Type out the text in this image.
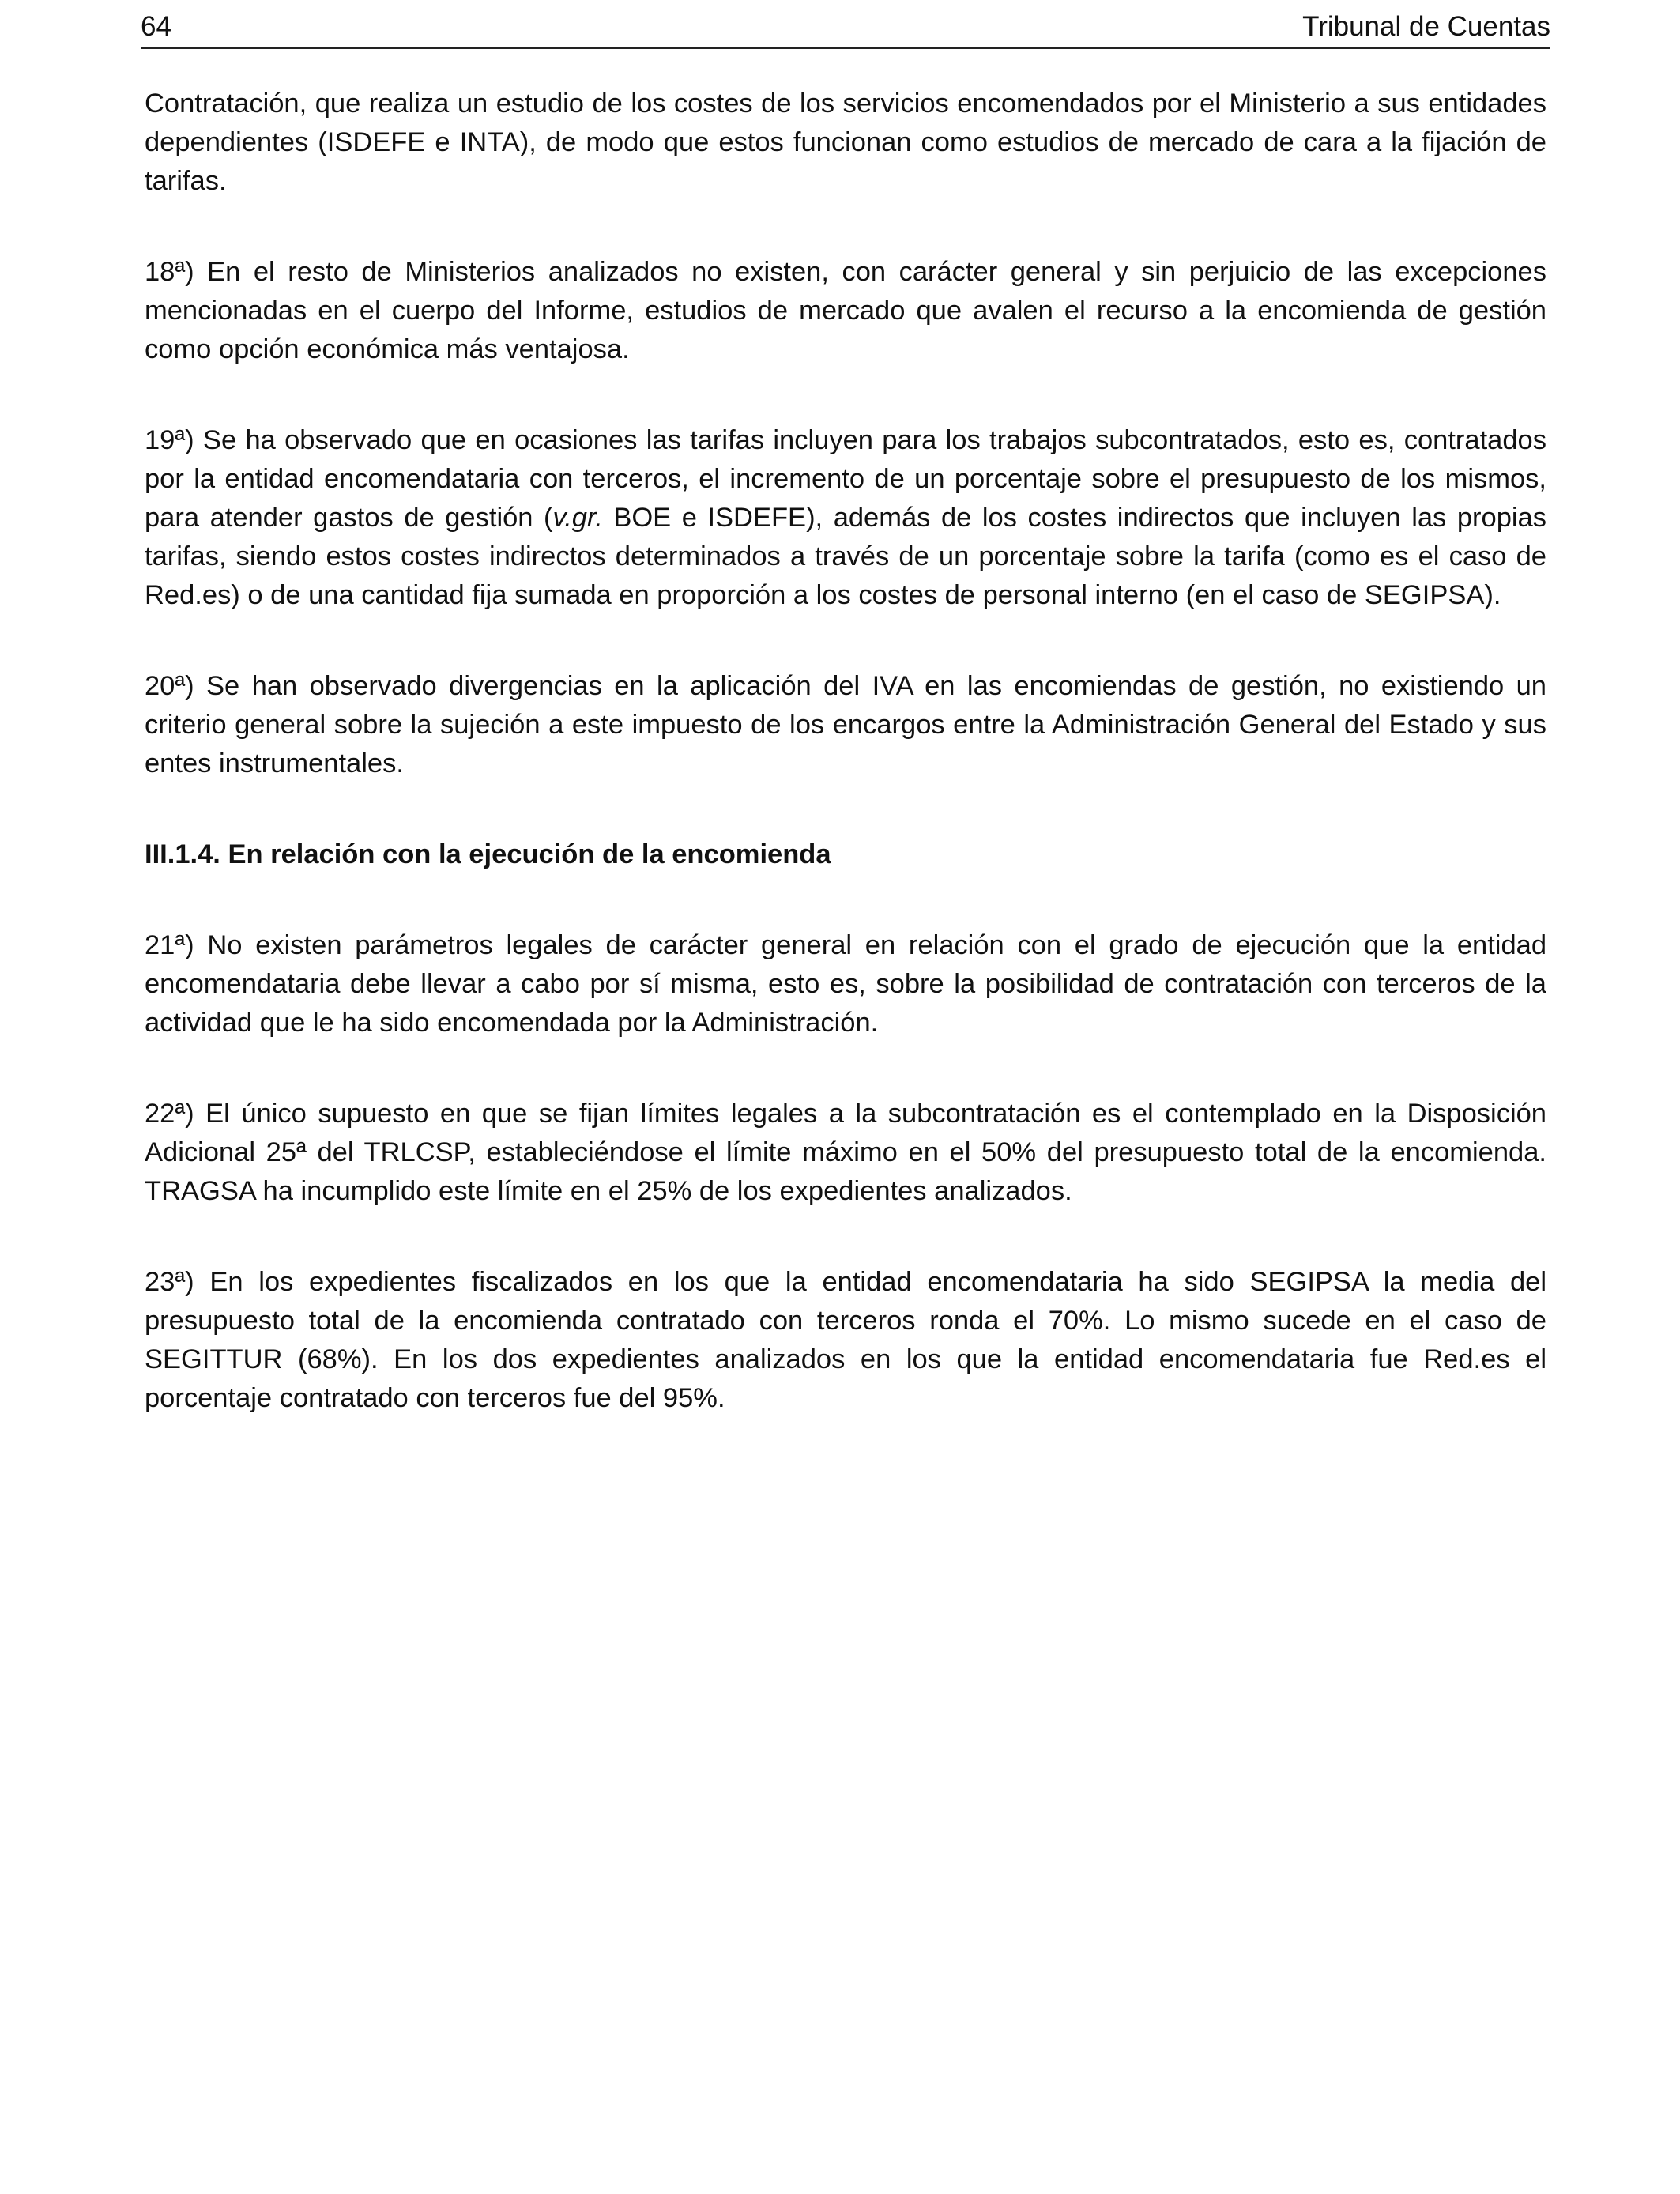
64	Tribunal de Cuentas

Contratación, que realiza un estudio de los costes de los servicios encomendados por el Ministerio a sus entidades dependientes (ISDEFE e INTA), de modo que estos funcionan como estudios de mercado de cara a la fijación de tarifas.

18ª) En el resto de Ministerios analizados no existen, con carácter general y sin perjuicio de las excepciones mencionadas en el cuerpo del Informe, estudios de mercado que avalen el recurso a la encomienda de gestión como opción económica más ventajosa.

19ª) Se ha observado que en ocasiones las tarifas incluyen para los trabajos subcontratados, esto es, contratados por la entidad encomendataria con terceros, el incremento de un porcentaje sobre el presupuesto de los mismos, para atender gastos de gestión (v.gr. BOE e ISDEFE), además de los costes indirectos que incluyen las propias tarifas, siendo estos costes indirectos determinados a través de un porcentaje sobre la tarifa (como es el caso de Red.es) o de una cantidad fija sumada en proporción a los costes de personal interno (en el caso de SEGIPSA).

20ª) Se han observado divergencias en la aplicación del IVA en las encomiendas de gestión, no existiendo un criterio general sobre la sujeción a este impuesto de los encargos entre la Administración General del Estado y sus entes instrumentales.

III.1.4. En relación con la ejecución de la encomienda

21ª) No existen parámetros legales de carácter general en relación con el grado de ejecución que la entidad encomendataria debe llevar a cabo por sí misma, esto es, sobre la posibilidad de contratación con terceros de la actividad que le ha sido encomendada por la Administración.

22ª) El único supuesto en que se fijan límites legales a la subcontratación es el contemplado en la Disposición Adicional 25ª del TRLCSP, estableciéndose el límite máximo en el 50% del presupuesto total de la encomienda. TRAGSA ha incumplido este límite en el 25% de los expedientes analizados.

23ª) En los expedientes fiscalizados en los que la entidad encomendataria ha sido SEGIPSA la media del presupuesto total de la encomienda contratado con terceros ronda el 70%. Lo mismo sucede en el caso de SEGITTUR (68%). En los dos expedientes analizados en los que la entidad encomendataria fue Red.es el porcentaje contratado con terceros fue del 95%.
